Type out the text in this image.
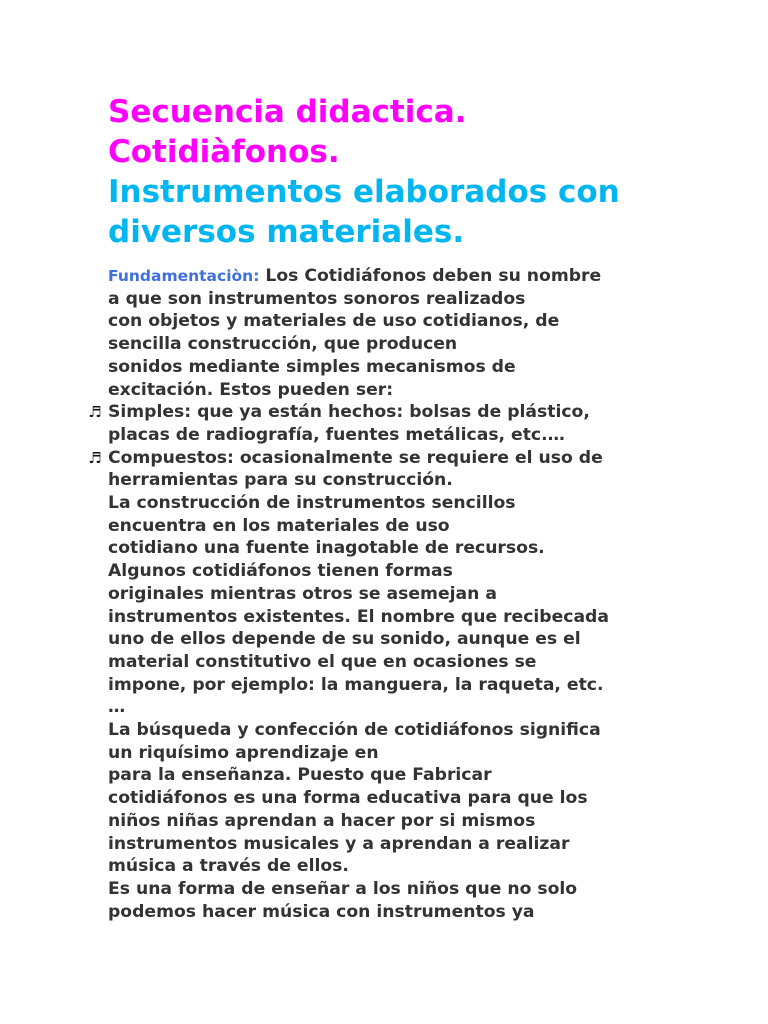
Secuencia didactica.
Cotidiàfonos.
Instrumentos elaborados con
diversos materiales.
Fundamentaciòn: Los Cotidiáfonos deben su nombre
a que son instrumentos sonoros realizados
con objetos y materiales de uso cotidianos, de
sencilla construcción, que producen
sonidos mediante simples mecanismos de
excitación. Estos pueden ser:
♬ Simples: que ya están hechos: bolsas de plástico,
placas de radiografía, fuentes metálicas, etc.…
♬ Compuestos: ocasionalmente se requiere el uso de
herramientas para su construcción.
La construcción de instrumentos sencillos
encuentra en los materiales de uso
cotidiano una fuente inagotable de recursos.
Algunos cotidiáfonos tienen formas
originales mientras otros se asemejan a
instrumentos existentes. El nombre que recibecada
uno de ellos depende de su sonido, aunque es el
material constitutivo el que en ocasiones se
impone, por ejemplo: la manguera, la raqueta, etc.
…
La búsqueda y confección de cotidiáfonos significa
un riquísimo aprendizaje en
para la enseñanza. Puesto que Fabricar
cotidiáfonos es una forma educativa para que los
niños niñas aprendan a hacer por si mismos
instrumentos musicales y a aprendan a realizar
música a través de ellos.
Es una forma de enseñar a los niños que no solo
podemos hacer música con instrumentos ya
